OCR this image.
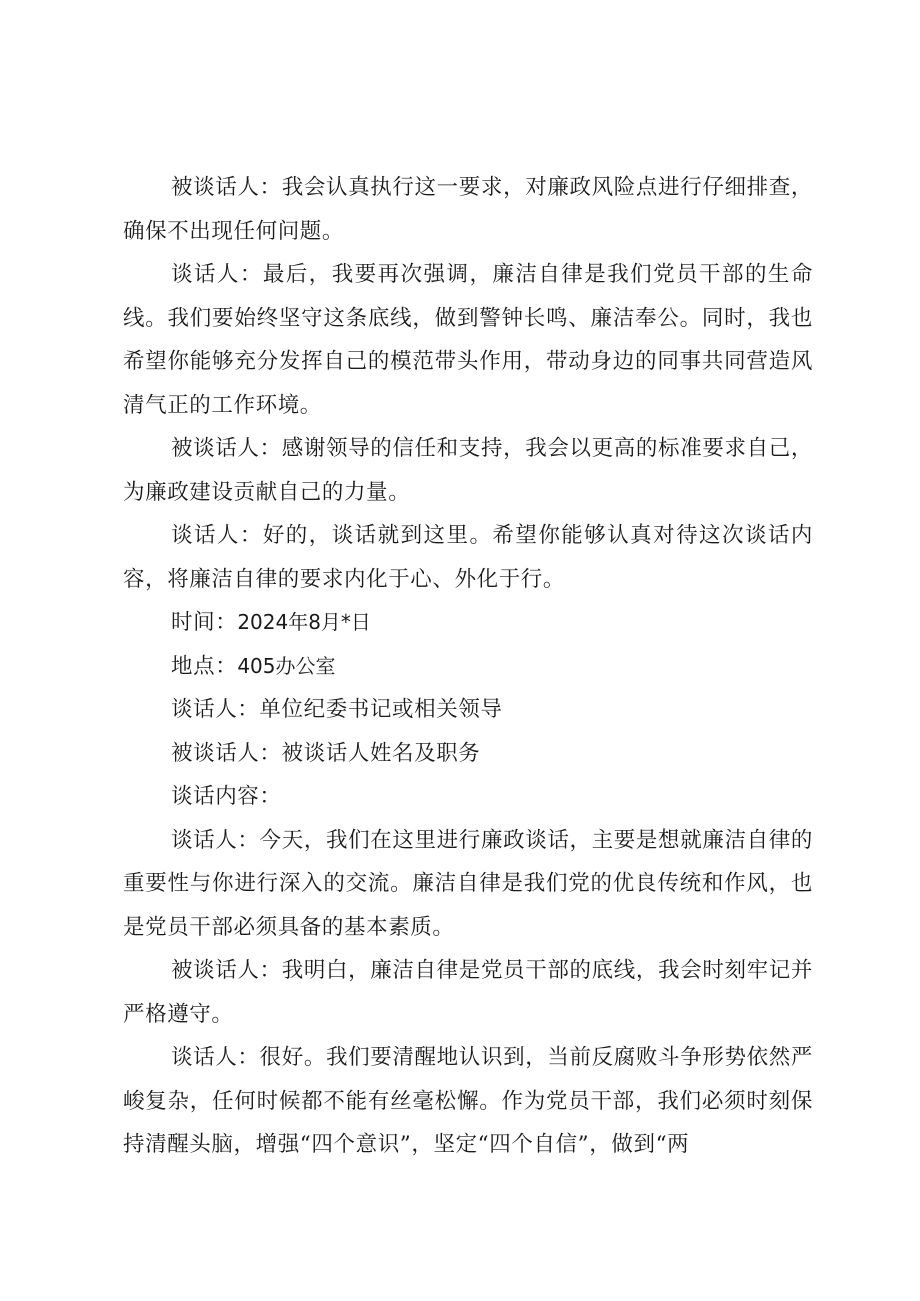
被谈话人：我会认真执行这一要求，对廉政风险点进行仔细排查，确保不出现任何问题。

谈话人：最后，我要再次强调，廉洁自律是我们党员干部的生命线。我们要始终坚守这条底线，做到警钟长鸣、廉洁奉公。同时，我也希望你能够充分发挥自己的模范带头作用，带动身边的同事共同营造风清气正的工作环境。

被谈话人：感谢领导的信任和支持，我会以更高的标准要求自己，为廉政建设贡献自己的力量。

谈话人：好的，谈话就到这里。希望你能够认真对待这次谈话内容，将廉洁自律的要求内化于心、外化于行。

时间：2024年8月*日

地点：405办公室

谈话人：单位纪委书记或相关领导

被谈话人：被谈话人姓名及职务

谈话内容：

谈话人：今天，我们在这里进行廉政谈话，主要是想就廉洁自律的重要性与你进行深入的交流。廉洁自律是我们党的优良传统和作风，也是党员干部必须具备的基本素质。

被谈话人：我明白，廉洁自律是党员干部的底线，我会时刻牢记并严格遵守。

谈话人：很好。我们要清醒地认识到，当前反腐败斗争形势依然严峻复杂，任何时候都不能有丝毫松懈。作为党员干部，我们必须时刻保持清醒头脑，增强“四个意识”，坚定“四个自信”，做到“两
